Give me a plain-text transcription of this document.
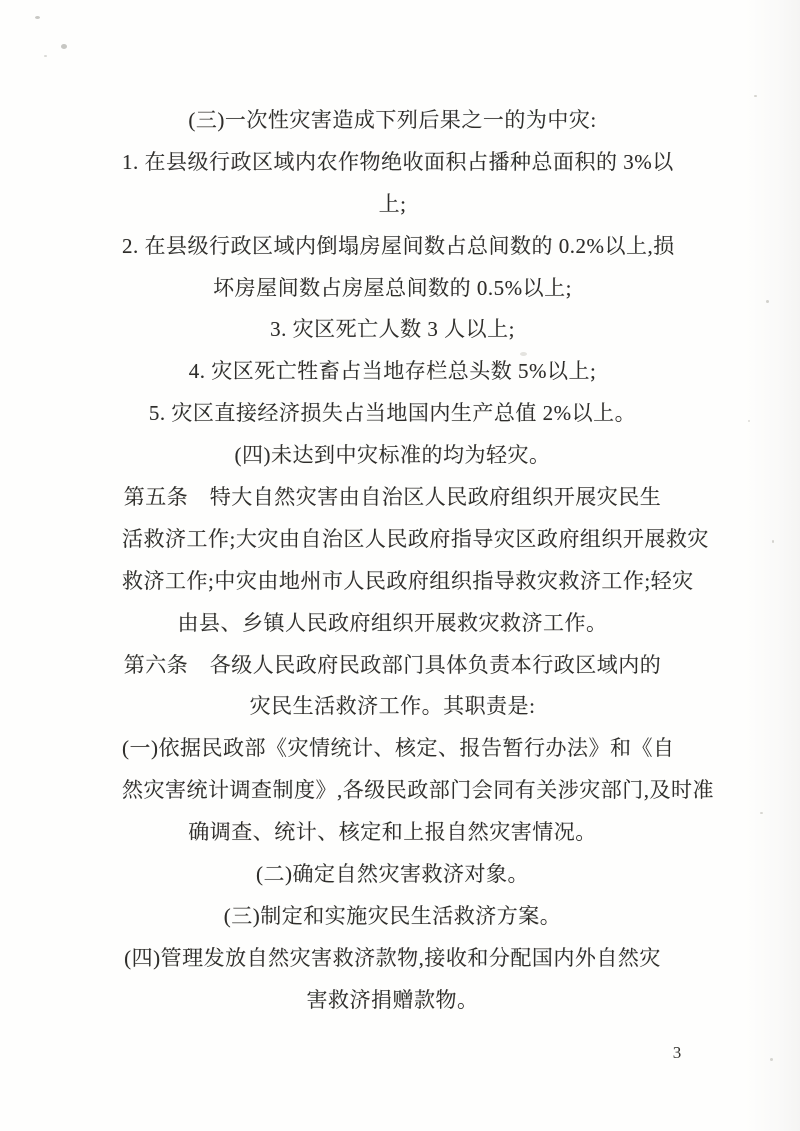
(三)一次性灾害造成下列后果之一的为中灾:
1. 在县级行政区域内农作物绝收面积占播种总面积的 3%以
上;
2. 在县级行政区域内倒塌房屋间数占总间数的 0.2%以上,损
坏房屋间数占房屋总间数的 0.5%以上;
3. 灾区死亡人数 3 人以上;
4. 灾区死亡牲畜占当地存栏总头数 5%以上;
5. 灾区直接经济损失占当地国内生产总值 2%以上。
(四)未达到中灾标准的均为轻灾。
第五条　特大自然灾害由自治区人民政府组织开展灾民生
活救济工作;大灾由自治区人民政府指导灾区政府组织开展救灾
救济工作;中灾由地州市人民政府组织指导救灾救济工作;轻灾
由县、乡镇人民政府组织开展救灾救济工作。
第六条　各级人民政府民政部门具体负责本行政区域内的
灾民生活救济工作。其职责是:
(一)依据民政部《灾情统计、核定、报告暂行办法》和《自
然灾害统计调查制度》,各级民政部门会同有关涉灾部门,及时准
确调查、统计、核定和上报自然灾害情况。
(二)确定自然灾害救济对象。
(三)制定和实施灾民生活救济方案。
(四)管理发放自然灾害救济款物,接收和分配国内外自然灾
害救济捐赠款物。
3
